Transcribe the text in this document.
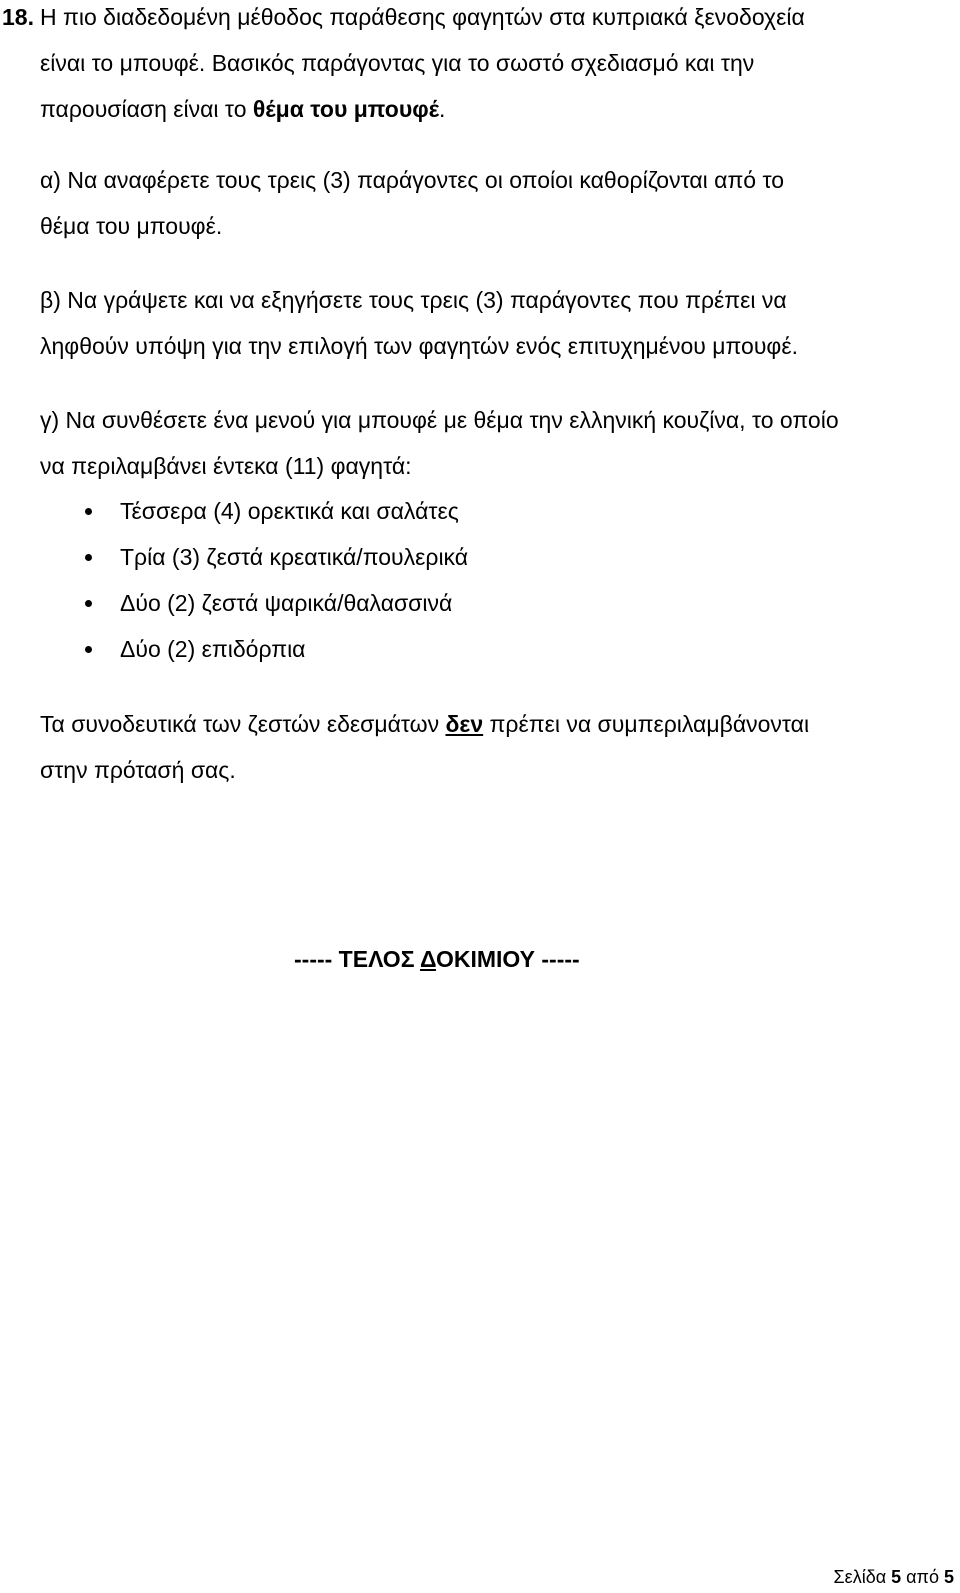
18. Η πιο διαδεδομένη μέθοδος παράθεσης φαγητών στα κυπριακά ξενοδοχεία
είναι το μπουφέ. Βασικός παράγοντας για το σωστό σχεδιασμό και την
παρουσίαση είναι το θέμα του μπουφέ.
α) Να αναφέρετε τους τρεις (3) παράγοντες οι οποίοι καθορίζονται από το
θέμα του μπουφέ.
β) Να γράψετε και να εξηγήσετε τους τρεις (3) παράγοντες που πρέπει να
ληφθούν υπόψη για την επιλογή των φαγητών ενός επιτυχημένου μπουφέ.
γ) Να συνθέσετε ένα μενού για μπουφέ με θέμα την ελληνική κουζίνα, το οποίο
να περιλαμβάνει έντεκα (11) φαγητά:
Τέσσερα (4) ορεκτικά και σαλάτες
Τρία (3) ζεστά κρεατικά/πουλερικά
Δύο (2) ζεστά ψαρικά/θαλασσινά
Δύο (2) επιδόρπια
Τα συνοδευτικά των ζεστών εδεσμάτων δεν πρέπει να συμπεριλαμβάνονται
στην πρότασή σας.
----- ΤΕΛΟΣ ΔΟΚΙΜΙΟΥ -----
Σελίδα 5 από 5
